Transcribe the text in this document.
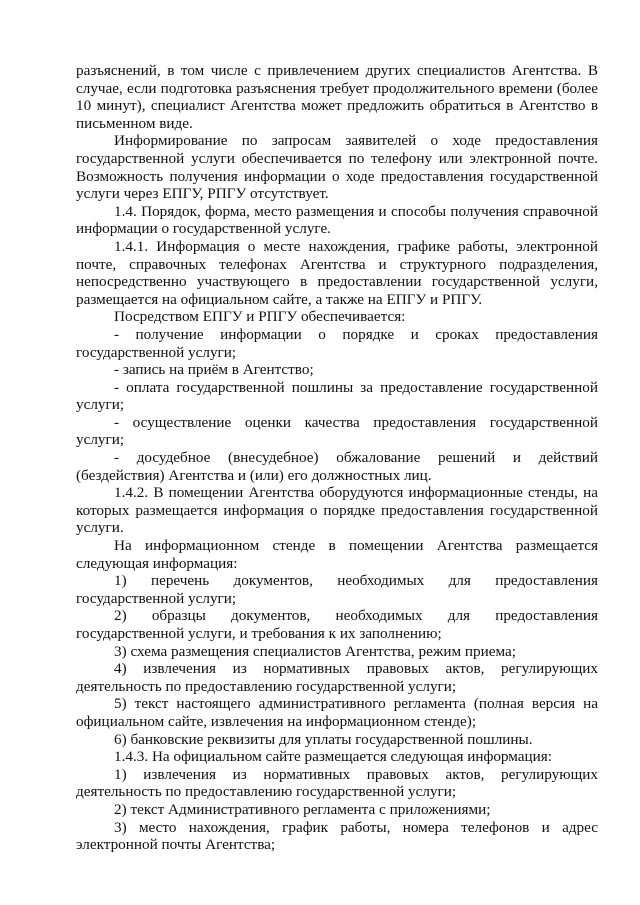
разъяснений, в том числе с привлечением других специалистов Агентства. В случае, если подготовка разъяснения требует продолжительного времени (более 10 минут), специалист Агентства может предложить обратиться в Агентство в письменном виде.

Информирование по запросам заявителей о ходе предоставления государственной услуги обеспечивается по телефону или электронной почте. Возможность получения информации о ходе предоставления государственной услуги через ЕПГУ, РПГУ отсутствует.

1.4. Порядок, форма, место размещения и способы получения справочной информации о государственной услуге.

1.4.1. Информация о месте нахождения, графике работы, электронной почте, справочных телефонах Агентства и структурного подразделения, непосредственно участвующего в предоставлении государственной услуги, размещается на официальном сайте, а также на ЕПГУ и РПГУ.

Посредством ЕПГУ и РПГУ обеспечивается:

- получение информации о порядке и сроках предоставления государственной услуги;

- запись на приём в Агентство;

- оплата государственной пошлины за предоставление государственной услуги;

- осуществление оценки качества предоставления государственной услуги;

- досудебное (внесудебное) обжалование решений и действий (бездействия) Агентства и (или) его должностных лиц.

1.4.2. В помещении Агентства оборудуются информационные стенды, на которых размещается информация о порядке предоставления государственной услуги.

На информационном стенде в помещении Агентства размещается следующая информация:

1) перечень документов, необходимых для предоставления государственной услуги;

2) образцы документов, необходимых для предоставления государственной услуги, и требования к их заполнению;

3) схема размещения специалистов Агентства, режим приема;

4) извлечения из нормативных правовых актов, регулирующих деятельность по предоставлению государственной услуги;

5) текст настоящего административного регламента (полная версия на официальном сайте, извлечения на информационном стенде);

6) банковские реквизиты для уплаты государственной пошлины.

1.4.3. На официальном сайте размещается следующая информация:

1) извлечения из нормативных правовых актов, регулирующих деятельность по предоставлению государственной услуги;

2) текст Административного регламента с приложениями;

3) место нахождения, график работы, номера телефонов и адрес электронной почты Агентства;
